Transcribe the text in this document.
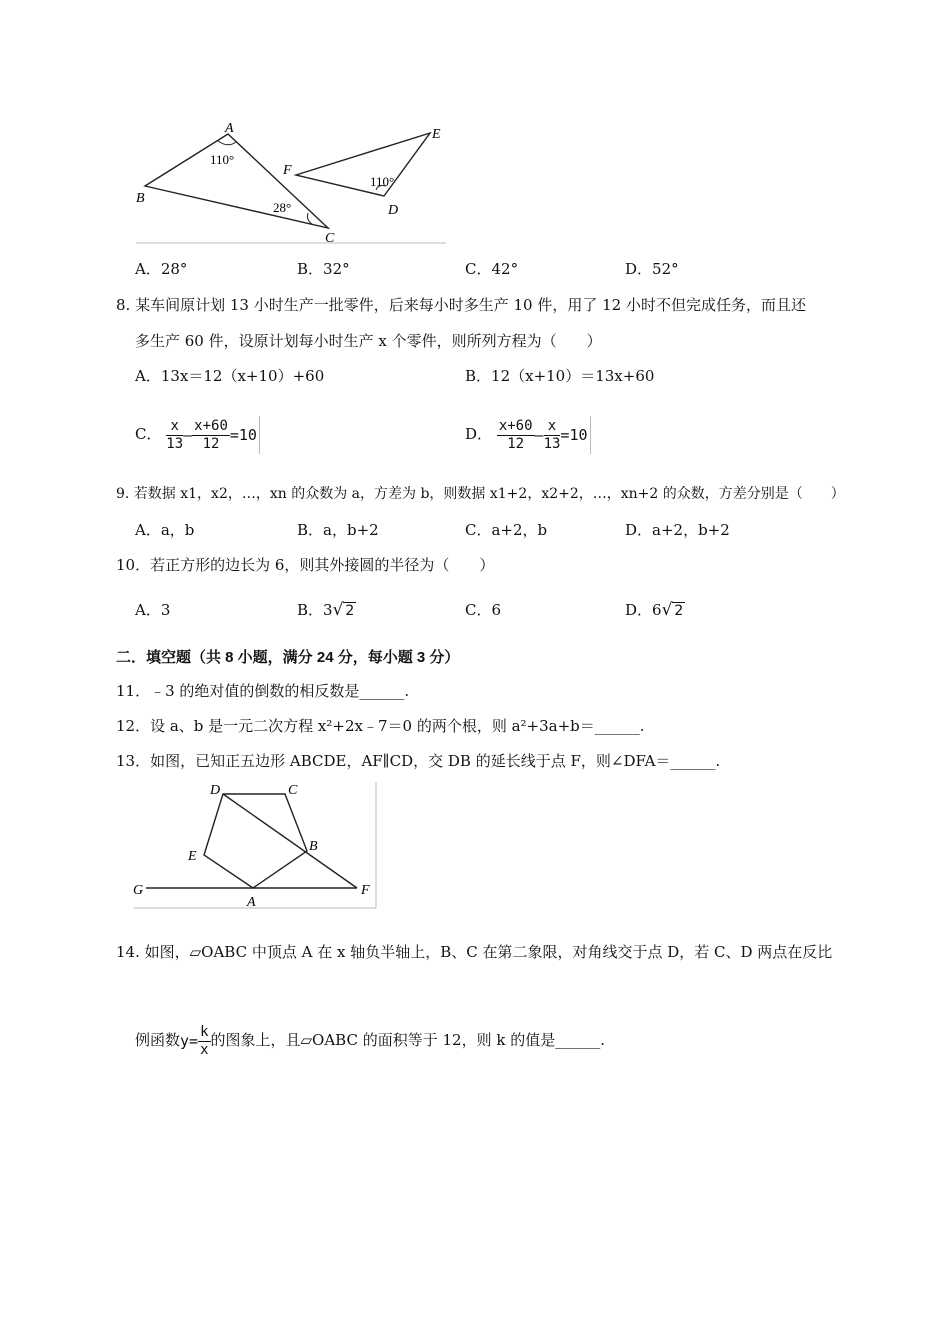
A
B
C
110°
28°	D
E
F
110°
A．28°	B．32°	C．42°	D．52°
8. 某车间原计划 13 小时生产一批零件，后来每小时多生产 10 件，用了 12 小时不但完成任务，而且还
多生产 60 件，设原计划每小时生产 x 个零件，则所列方程为（　　）
A．13x＝12（x+10）+60	B．12（x+10）＝13x+60
C． $\frac{x}{13} - \frac{x+60}{12} =10$	D． $\frac{x+60}{12} - \frac{x}{13} =10$
9. 若数据 x1，x2，…，xn 的众数为 a，方差为 b，则数据 x1+2，x2+2，…，xn+2 的众数，方差分别是（　　）
A．a，b	B．a，b+2	C．a+2，b	D．a+2，b+2
10．若正方形的边长为 6，则其外接圆的半径为（　　）
A．3	B．3√ 2	C．6	D．6√ 2
二．填空题（共 8 小题，满分 24 分，每小题 3 分）
11．﹣3 的绝对值的倒数的相反数是______.
12．设 a、b 是一元二次方程 x²+2x﹣7＝0 的两个根，则 a²+3a+b＝______.
13．如图，已知正五边形 ABCDE，AF∥CD，交 DB 的延长线于点 F，则∠DFA＝______.
D	C
B
E
A
G	F
14. 如图，▱OABC 中顶点 A 在 x 轴负半轴上，B、C 在第二象限，对角线交于点 D，若 C、D 两点在反比
例函数$y= \frac{k}{x}$ 的图象上，且▱OABC 的面积等于 12，则 k 的值是______.
